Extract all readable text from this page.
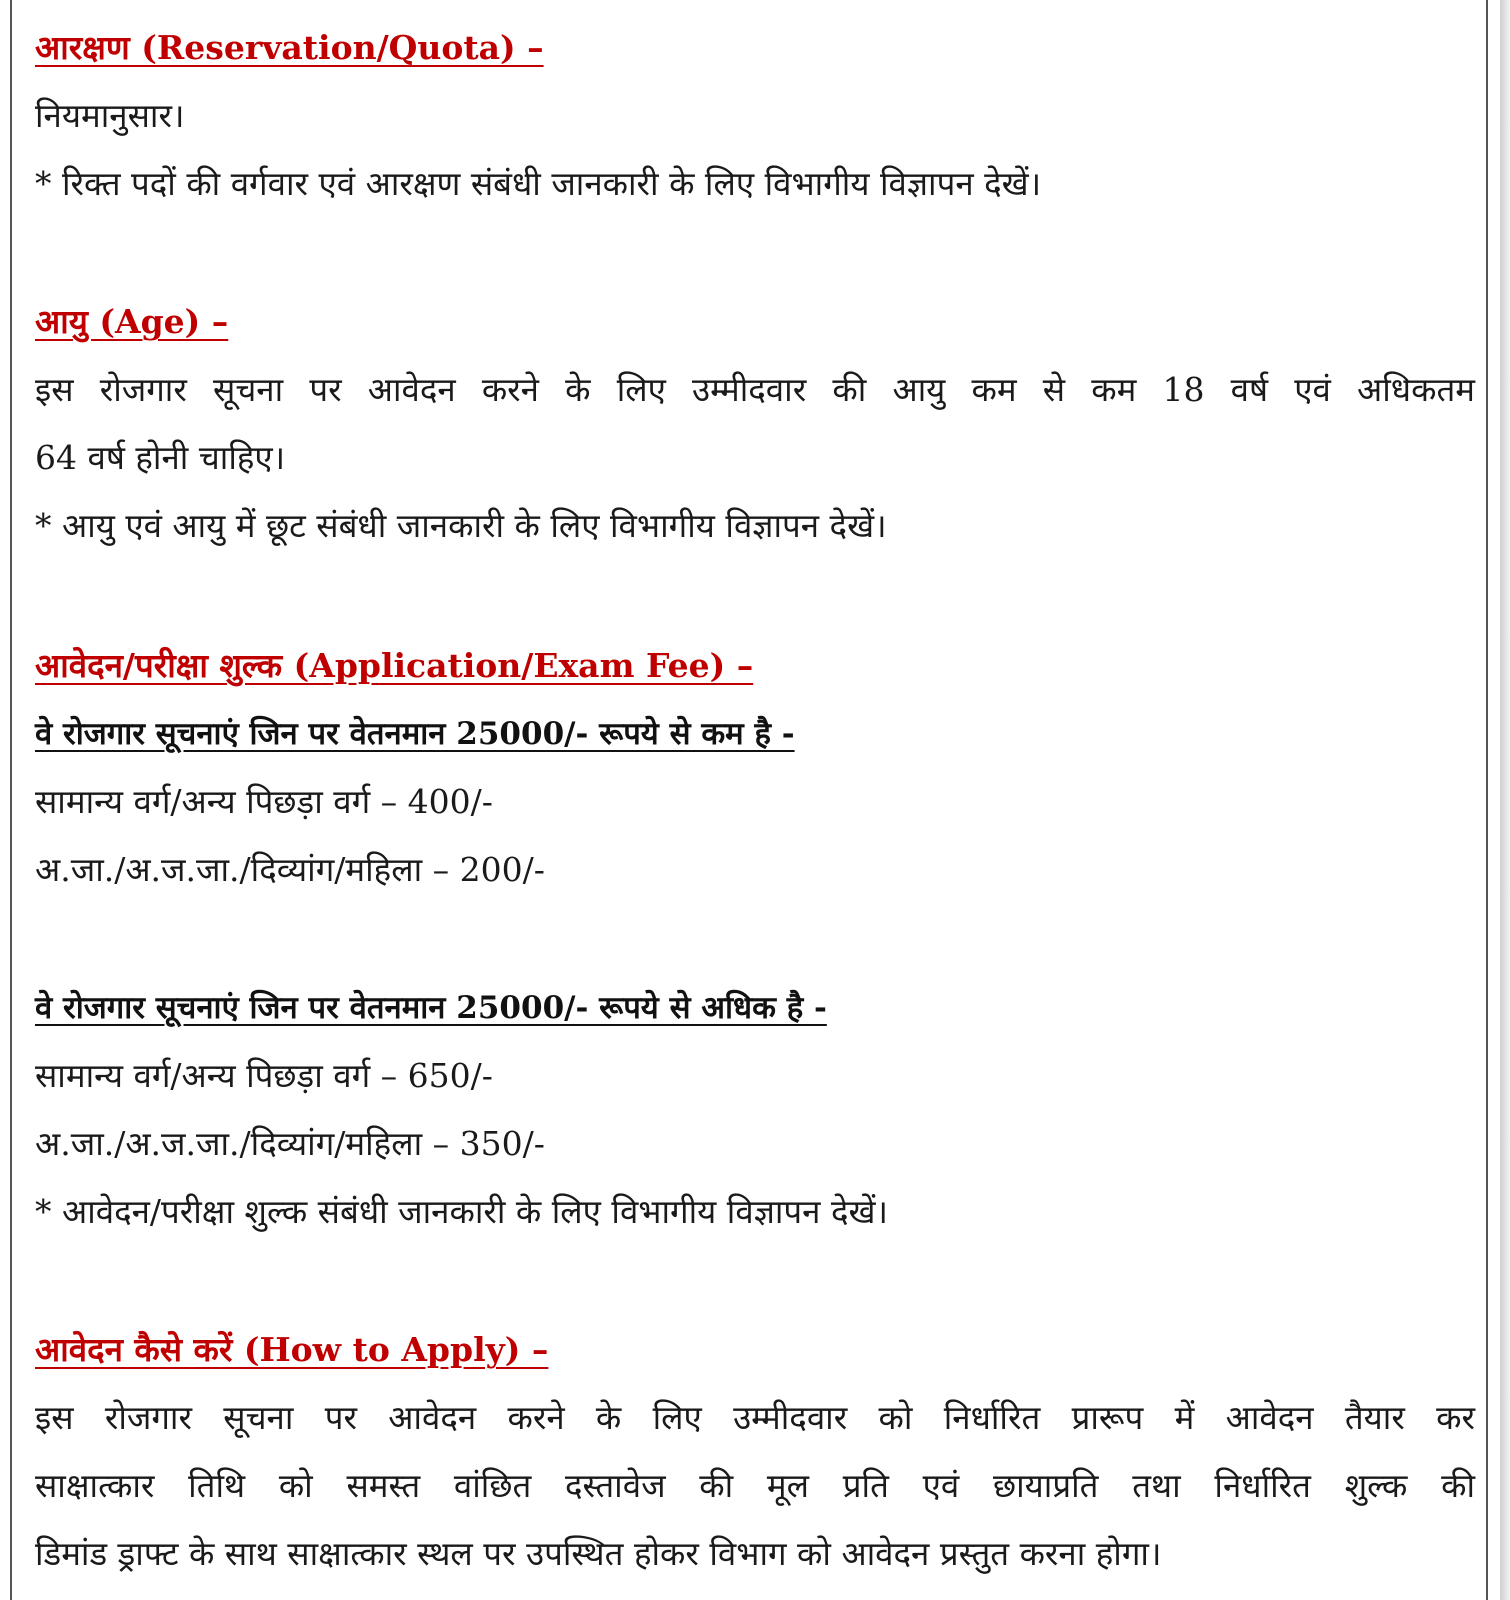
आरक्षण (Reservation/Quota) –
नियमानुसार।
* रिक्त पदों की वर्गवार एवं आरक्षण संबंधी जानकारी के लिए विभागीय विज्ञापन देखें।
आयु (Age) –
इस रोजगार सूचना पर आवेदन करने के लिए उम्मीदवार की आयु कम से कम 18 वर्ष एवं अधिकतम
64 वर्ष होनी चाहिए।
* आयु एवं आयु में छूट संबंधी जानकारी के लिए विभागीय विज्ञापन देखें।
आवेदन/परीक्षा शुल्क (Application/Exam Fee) –
वे रोजगार सूचनाएं जिन पर वेतनमान 25000/- रूपये से कम है -
सामान्य वर्ग/अन्य पिछड़ा वर्ग – 400/-
अ.जा./अ.ज.जा./दिव्यांग/महिला – 200/-
वे रोजगार सूचनाएं जिन पर वेतनमान 25000/- रूपये से अधिक है -
सामान्य वर्ग/अन्य पिछड़ा वर्ग – 650/-
अ.जा./अ.ज.जा./दिव्यांग/महिला – 350/-
* आवेदन/परीक्षा शुल्क संबंधी जानकारी के लिए विभागीय विज्ञापन देखें।
आवेदन कैसे करें (How to Apply) –
इस रोजगार सूचना पर आवेदन करने के लिए उम्मीदवार को निर्धारित प्रारूप में आवेदन तैयार कर
साक्षात्कार तिथि को समस्त वांछित दस्तावेज की मूल प्रति एवं छायाप्रति तथा निर्धारित शुल्क की
डिमांड ड्राफ्ट के साथ साक्षात्कार स्थल पर उपस्थित होकर विभाग को आवेदन प्रस्तुत करना होगा।
